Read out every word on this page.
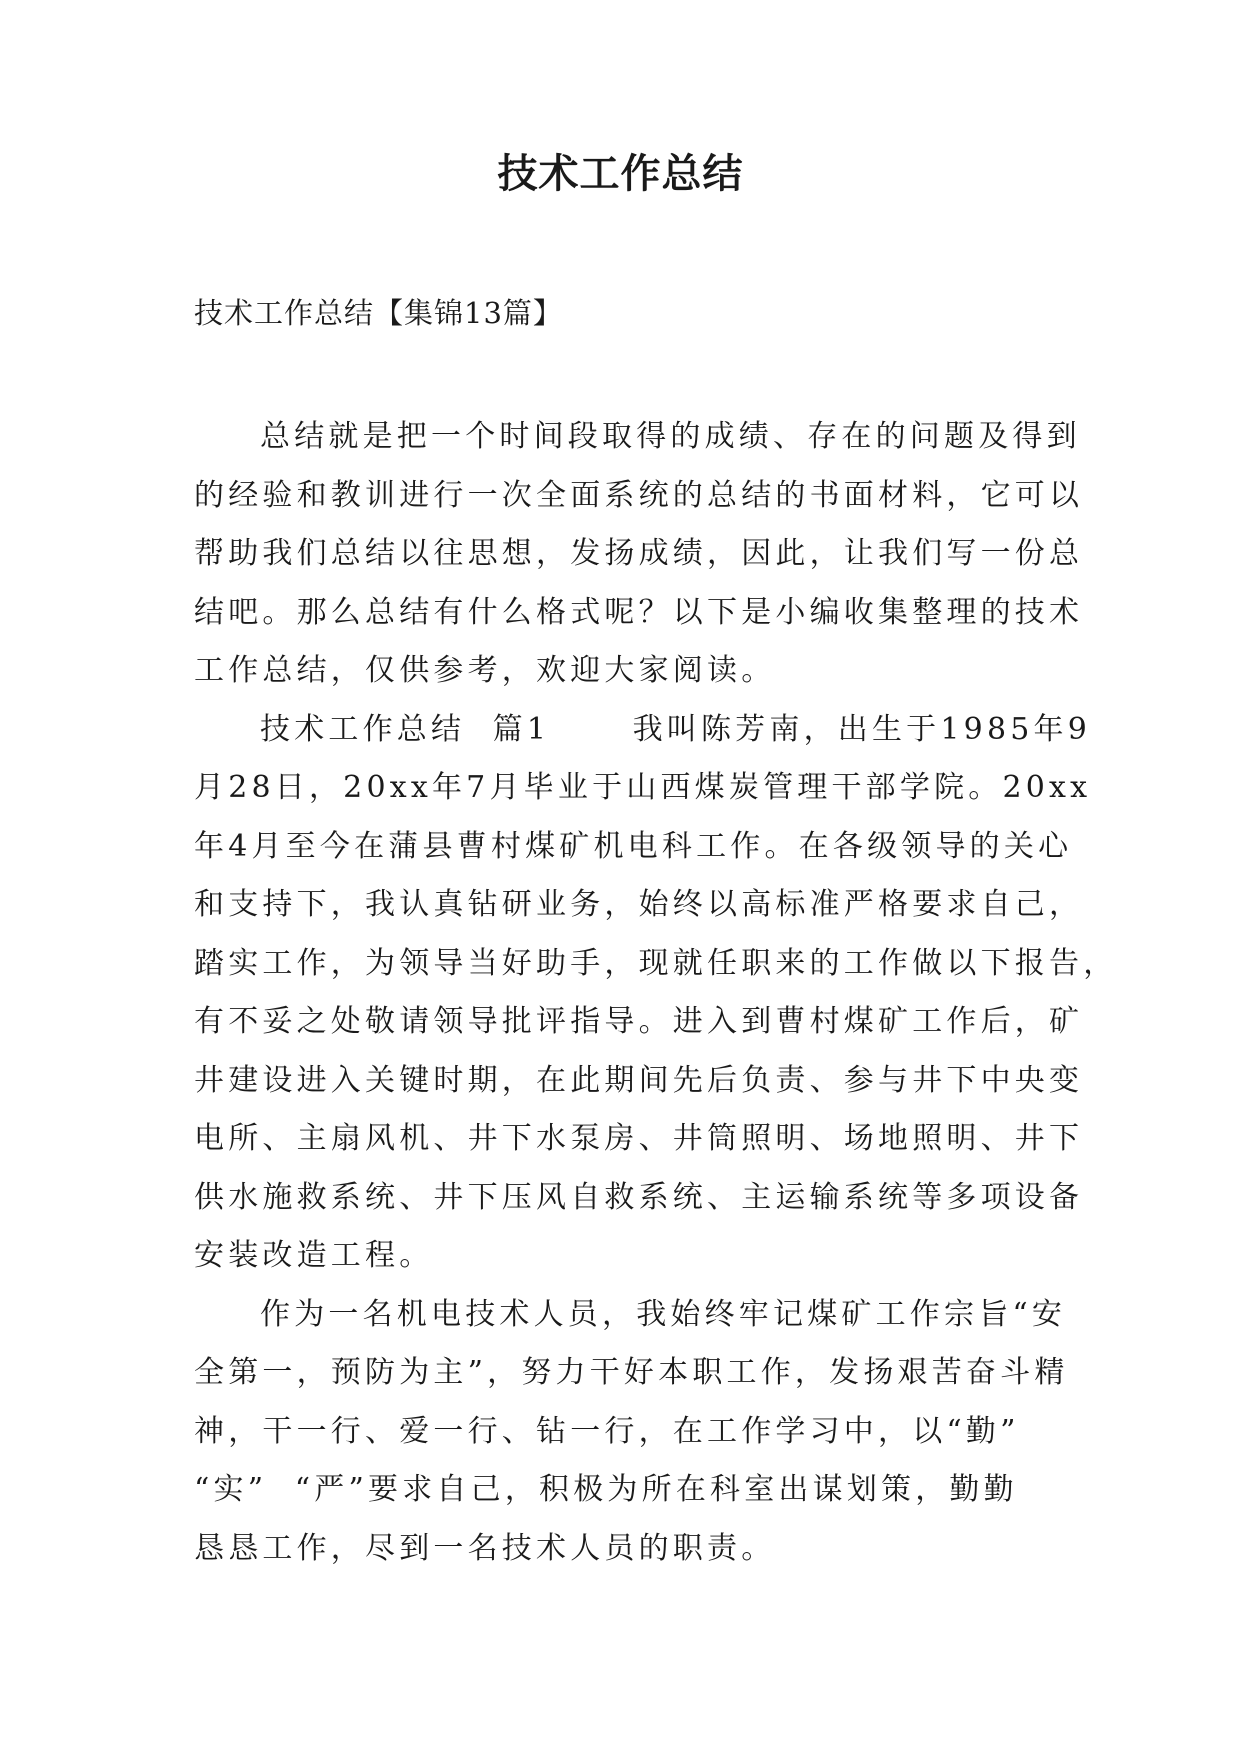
技术工作总结

技术工作总结【集锦13篇】

总结就是把一个时间段取得的成绩、存在的问题及得到
的经验和教训进行一次全面系统的总结的书面材料，它可以
帮助我们总结以往思想，发扬成绩，因此，让我们写一份总
结吧。那么总结有什么格式呢？以下是小编收集整理的技术
工作总结，仅供参考，欢迎大家阅读。

技术工作总结  篇1      我叫陈芳南，出生于1985年9
月28日，20xx年7月毕业于山西煤炭管理干部学院。20xx
年4月至今在蒲县曹村煤矿机电科工作。在各级领导的关心
和支持下，我认真钻研业务，始终以高标准严格要求自己，
踏实工作，为领导当好助手，现就任职来的工作做以下报告，
有不妥之处敬请领导批评指导。进入到曹村煤矿工作后，矿
井建设进入关键时期，在此期间先后负责、参与井下中央变
电所、主扇风机、井下水泵房、井筒照明、场地照明、井下
供水施救系统、井下压风自救系统、主运输系统等多项设备
安装改造工程。

作为一名机电技术人员，我始终牢记煤矿工作宗旨“安
全第一，预防为主”，努力干好本职工作，发扬艰苦奋斗精
神，干一行、爱一行、钻一行，在工作学习中，以“勤”
“实”  “严”要求自己，积极为所在科室出谋划策，勤勤
恳恳工作，尽到一名技术人员的职责。
